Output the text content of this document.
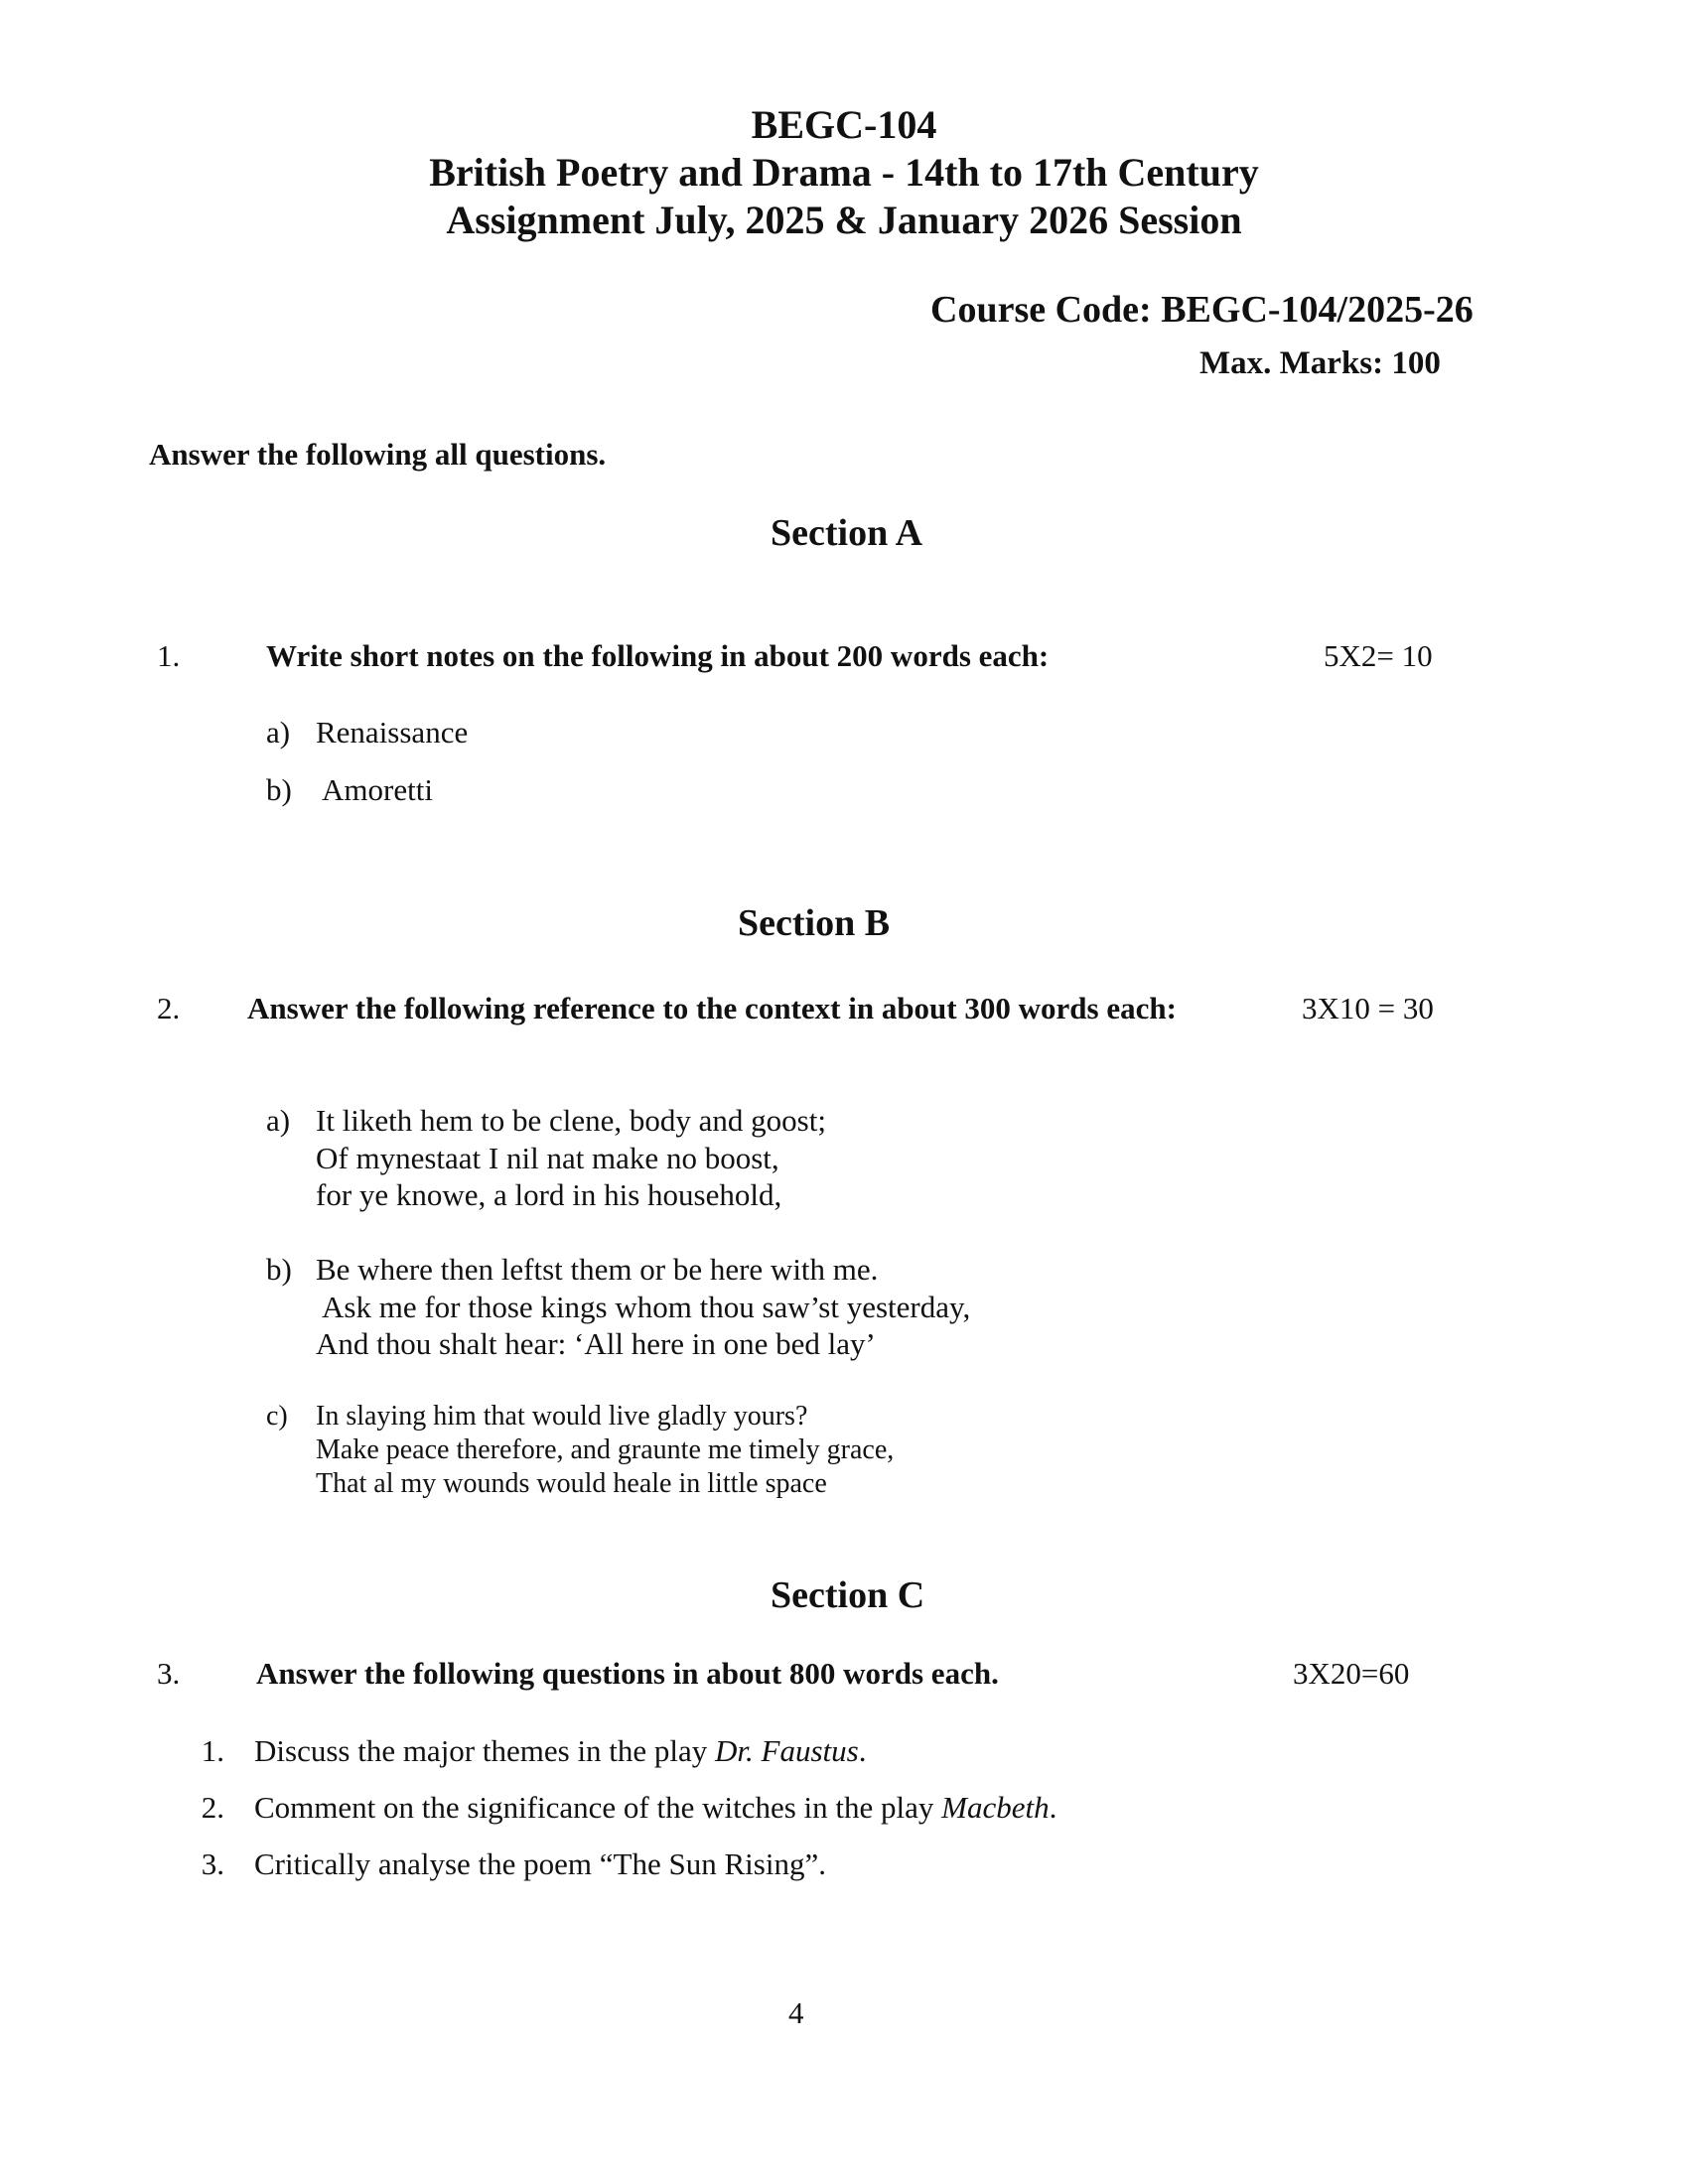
BEGC-104
British Poetry and Drama - 14th to 17th Century
Assignment July, 2025 & January 2026 Session
Course Code: BEGC-104/2025-26
Max. Marks: 100
Answer the following all questions.
Section A
1.	Write short notes on the following in about 200 words each:	5X2= 10
a) Renaissance
b) Amoretti
Section B
2. Answer the following reference to the context in about 300 words each:	3X10 = 30
a) It liketh hem to be clene, body and goost;
Of mynestaat I nil nat make no boost,
for ye knowe, a lord in his household,
b) Be where then leftst them or be here with me.
Ask me for those kings whom thou saw’st yesterday,
And thou shalt hear: ‘All here in one bed lay’
c) In slaying him that would live gladly yours?
Make peace therefore, and graunte me timely grace,
That al my wounds would heale in little space
Section C
3. Answer the following questions in about 800 words each.	3X20=60
1. Discuss the major themes in the play Dr. Faustus.
2. Comment on the significance of the witches in the play Macbeth.
3. Critically analyse the poem “The Sun Rising”.
4
